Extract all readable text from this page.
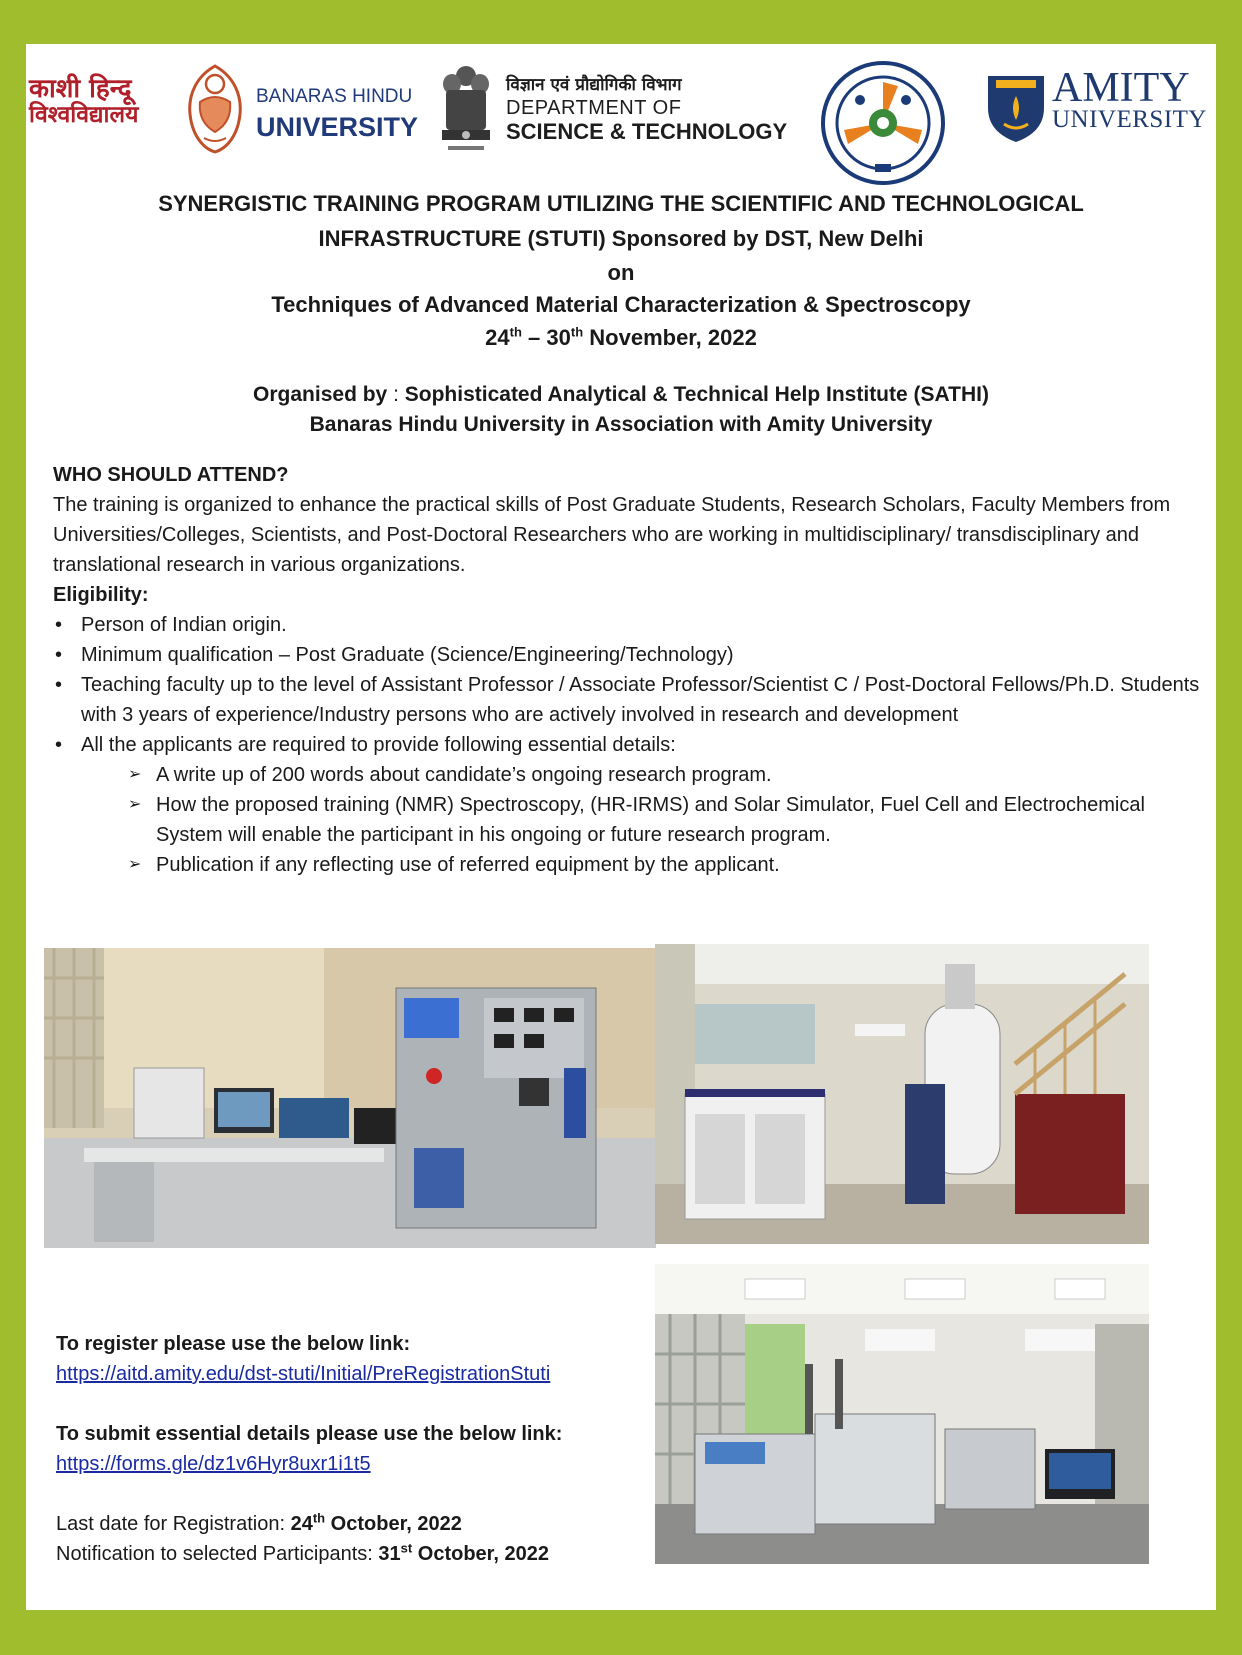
काशी हिन्दू
विश्वविद्यालय
BANARAS HINDU
UNIVERSITY
विज्ञान एवं प्रौद्योगिकी विभाग
DEPARTMENT OF
SCIENCE & TECHNOLOGY
AMITY
UNIVERSITY
SYNERGISTIC TRAINING PROGRAM UTILIZING THE SCIENTIFIC AND TECHNOLOGICAL
INFRASTRUCTURE (STUTI) Sponsored by DST, New Delhi
on
Techniques of Advanced Material Characterization & Spectroscopy
24th – 30th November, 2022
Organised by : Sophisticated Analytical & Technical Help Institute (SATHI)
Banaras Hindu University in Association with Amity University
WHO SHOULD ATTEND?
The training is organized to enhance the practical skills of Post Graduate Students, Research Scholars, Faculty Members from Universities/Colleges, Scientists, and Post-Doctoral Researchers who are working in multidisciplinary/ transdisciplinary and translational research in various organizations.
Eligibility:
• Person of Indian origin.
• Minimum qualification – Post Graduate (Science/Engineering/Technology)
• Teaching faculty up to the level of Assistant Professor / Associate Professor/Scientist C / Post-Doctoral Fellows/Ph.D. Students with 3 years of experience/Industry persons who are actively involved in research and development
• All the applicants are required to provide following essential details:
➢ A write up of 200 words about candidate’s ongoing research program.
➢ How the proposed training (NMR) Spectroscopy, (HR-IRMS) and Solar Simulator, Fuel Cell and Electrochemical System will enable the participant in his ongoing or future research program.
➢ Publication if any reflecting use of referred equipment by the applicant.
To register please use the below link:
https://aitd.amity.edu/dst-stuti/Initial/PreRegistrationStuti
To submit essential details please use the below link:
https://forms.gle/dz1v6Hyr8uxr1i1t5
Last date for Registration: 24th October, 2022
Notification to selected Participants: 31st October, 2022
